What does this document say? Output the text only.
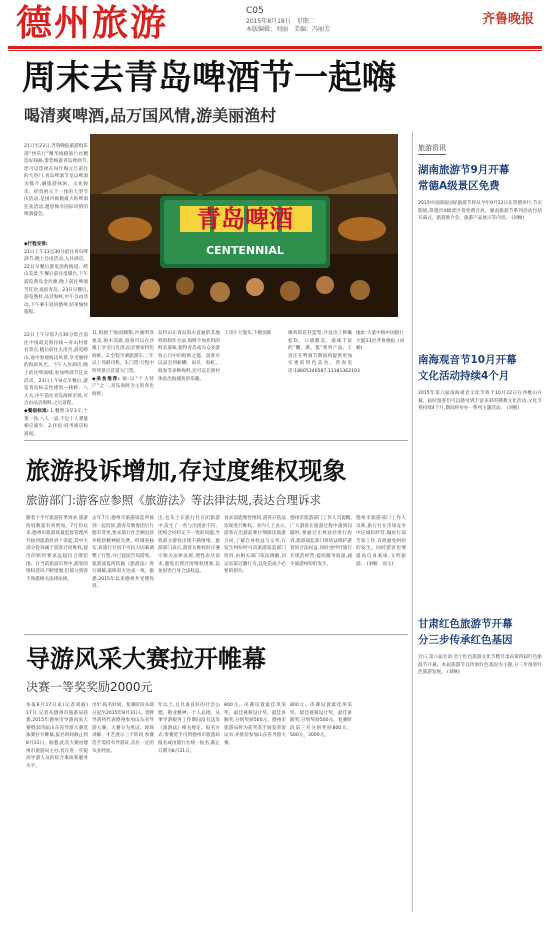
德州旅游	C05
2015年8月18日　星期二
本版编辑：刘丽　美编：冯丽芳
齐鲁晚报
周末去青岛啤酒节一起嗨
喝清爽啤酒,品万国风情,游美丽渔村
21日至23日,齐鲁晚报旅游俱乐部“快乐行”精华线路旅行社精选好线路,带您畅游青岛啤酒节,您可以选择在每年喝元旦前往的大热门,青岛啤酒节是以啤酒为媒介,融旅游休闲、文化娱乐、经贸展示于一体的大型节庆活动,是国内规模最大的啤酒狂欢活动,邀您畅享国际风情的啤酒盛会。
◆行程安排:
21日上午11点30分前往青岛啤酒节,晚上自由活动,入住酒店。22日早餐后游览滨海栈道、崂山美景,午餐后前往琅琊台,下午游览黄岛金沙滩,晚上前往啤酒节狂欢,夜宿青岛。23日早餐后,游览渔村,品尝海鲜,中午自由活动,下午乘车返回德州,结束愉快旅程。
22日上午早饭7点30分集合前往中国最美海岸线—青山村着名景点,随后前往太清宫,游览崂山,途中参观海边风景,享受独特的海滨风光。下午入住酒店,晚上前往啤酒城,参加啤酒节狂欢活动。23日上午8点早餐后,游览青岛标志性建筑—栈桥、八大关,中午前往青岛海鲜市场,可自由品尝海鲜,之后返程。
◆餐宿标准: 1.餐费:3早3正,十菜一汤,八人一桌,不足十人菜量相应减少。2.住宿:商务酒店标准间。
青岛啤酒
CENTENNIAL
耳,海鸥于海面翱翔,沙滩明净柔美,海水清澈,游客可以在沙滩上享受日光浴,品尝渔家特色海鲜。2.全程空调旅游车,三年以上驾龄司机。3.门票:行程中所列景点首道大门票。
◆美食推荐: 锅:以“十大特产”之一,青岛海鲜为主的各色海鲜。
岛特山正青岛海水直通的其地特的制作方法,海鲜不加佐料的鲜美滋味,使得青岛成为众多游客心目中的海鲜之都。游客可以品尝到蛤蜊、扇贝、海虹、海参等多种海鲜,还可以在渔村体验出海捕鱼的乐趣。
王哥庄大馒头,不断创新	爆鸡的花样造型,开发出了鲜嫩松软、口感甜美、滋味丰富的“醺、熏、酱”系列产品。王哥庄在啤酒节期间将提供更加实惠的特色美食。咨询电话:18605346587,13181362193
地址:大量中路中国银行大厦13层齐鲁晚报 (刘畅)
旅游投诉增加,存过度维权现象
旅游部门:游客应参照《旅游法》等法律法规,表达合理诉求
随着下半年旅游旺季到来,旅游投诉数量有所增加。7月份以来,德州市旅游质量监督管理所共接到旅游投诉十余起,其中大部分投诉属于游客过度维权,提出的赔偿要求远超出合理范围。在当前旅游市场中,游客的维权意识不断增强,但部分游客不熟悉相关法律法规。
去年7月,德州市旅游质监所接到一起投诉,游客反映参团后行程有变更,要求旅行社全额退款并赔偿精神损失费。经调查核实,该旅行社因不可抗力因素调整了行程,并已提前告知游客。旅游质监所依据《旅游法》进行调解,最终双方达成一致。据悉,2015年以来德州共受理投诉。
出,包头土在旅行社在团旅游中,发生了一些与出团意不符、团购合同约定不一致的问题,导致部分游客出现不满情绪。旅游部门表示,游客在维权时应遵守相关法律法规,理性表达诉求,避免出现过度维权现象,以免损害自身合法权益。
诉求前能理性维权,游客应依法依规进行维权。业内人士表示,游客在出游前要仔细阅读旅游合同,了解自身权益与义务,在发生纠纷时可向旅游质监部门投诉,由相关部门依法调解,切忌采取过激行为,以免造成不必要的损失。
德州市旅游部门工作人员提醒,广大游客在旅游过程中遇到问题时,要通过正规途径进行投诉,旅游质监部门将依法维护游客的合法权益,同时也呼吁旅行社规范经营,提高服务质量,减少旅游纠纷的发生。
德州市旅游部门工作人员称,旅行社在市场竞争中应诚信经营,做好行前告知工作,有效避免纠纷的发生。同时游客也要提高自身素质,文明旅游。 (刘畅　刘玉)
导游风采大赛拉开帷幕
决赛一等奖奖励2000元
本报8月17日讯(记者刘丽)　17日,记者从德州市旅游局获悉,2015年德州市导游风采大赛暨第四届山东省导游大赛选拔赛拉开帷幕,报名时间截止到8月31日。据悉,此次大赛由德州市旅游局主办,旨在进一步提高导游人员的综合素质和服务水平。
出炉,报名时间、复赛阶段从即日起至2015年8月31日。金牌导游将代表德州参加山东省导游大赛。大赛分为笔试、现场讲解、才艺展示三个阶段,参赛选手需持有导游证,具有一定的从业经验。
年以上,且具备良好的社会公德、敬业精神、个人品德。从事导游服务工作期间没有违反《旅游法》相关规定。报名方式:参赛选手可到德州市旅游局报名或由旅行社统一报名,截止日期为8月31日。
800元。决赛设置最佳风采奖、最佳视频设计奖、最佳讲解奖,分别奖励500元。德州市旅游局将为获奖选手颁发荣誉证书,并推荐参加山东省导游大赛。
800元。决赛设置最佳风采奖、最佳视频设计奖、最佳讲解奖,分别奖励500元。复赛阶段前三名分别奖励800元、500元、3000元。
旅游资讯
湖南旅游节9月开幕
常德A级景区免费
2015中国湖南国际旅游节将从今年9月12日在常德举行,节庆期间,常德市A级景区将免费开放。湖南旅游节系列活动包括开幕式、旅游推介会、旅游产品展示等内容。 (刘畅)
南海观音节10月开幕
文化活动持续4个月
2015年第六届南海观音文化节将于10月22日在西樵山开幕。届时游客们可以感受到丰富多彩的佛教文化活动,文化节将持续4个月,期间将举办一系列主题活动。 (刘畅)
甘肃红色旅游节开幕
分三步传承红色基因
近日,第六届甘肃·会宁红色旅游文化节暨甘肃省第四届红色旅游节开幕。本届旅游节以传承红色基因为主题,分三步推进红色旅游发展。 (刘畅)
